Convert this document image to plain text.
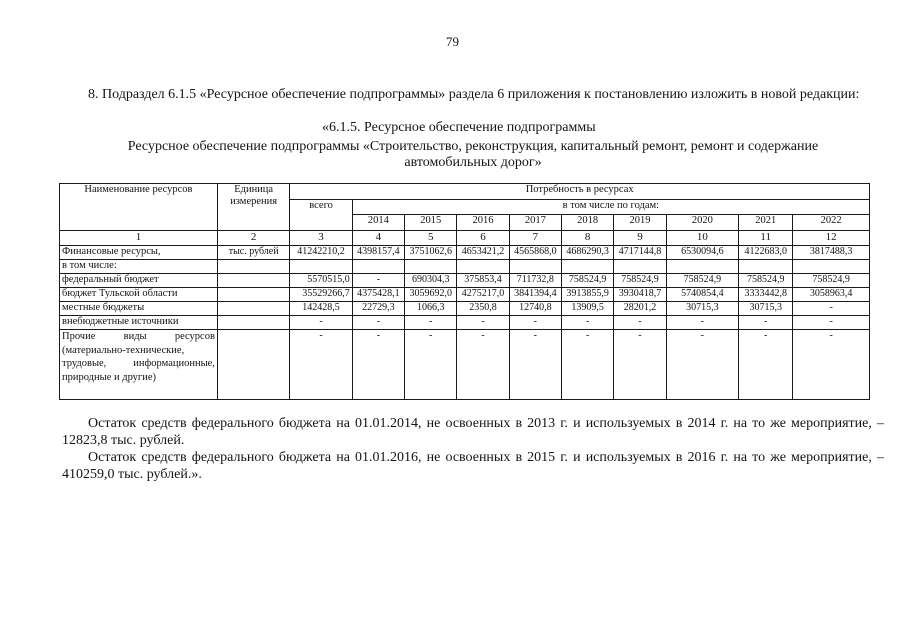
79
8. Подраздел 6.1.5 «Ресурсное обеспечение подпрограммы» раздела 6 приложения к постановлению изложить в новой редакции:
«6.1.5. Ресурсное обеспечение подпрограммы
Ресурсное обеспечение подпрограммы «Строительство, реконструкция, капитальный ремонт, ремонт и содержание
автомобильных дорог»
Наименование ресурсов	Единица измерения	Потребность в ресурсах									
		всего	в том числе по годам:								
			2014	2015	2016	2017	2018	2019	2020	2021	2022
1	2	3	4	5	6	7	8	9	10	11	12
Финансовые ресурсы,	тыс. рублей	41242210,2	4398157,4	3751062,6	4653421,2	4565868,0	4686290,3	4717144,8	6530094,6	4122683,0	3817488,3
в том числе:											
федеральный бюджет		5570515,0	-	690304,3	375853,4	711732,8	758524,9	758524,9	758524,9	758524,9	758524,9
бюджет Тульской области		35529266,7	4375428,1	3059692,0	4275217,0	3841394,4	3913855,9	3930418,7	5740854,4	3333442,8	3058963,4
местные бюджеты		142428,5	22729,3	1066,3	2350,8	12740,8	13909,5	28201,2	30715,3	30715,3	-
внебюджетные источники		-	-	-	-	-	-	-	-	-	-
Прочие виды ресурсов (материально-технические, трудовые, информационные, природные и другие)		-	-	-	-	-	-	-	-	-	-
Остаток средств федерального бюджета на 01.01.2014, не освоенных в 2013 г. и используемых в 2014 г. на то же мероприятие, – 12823,8 тыс. рублей.
Остаток средств федерального бюджета на 01.01.2016, не освоенных в 2015 г. и используемых в 2016 г. на то же мероприятие, – 410259,0 тыс. рублей.».
